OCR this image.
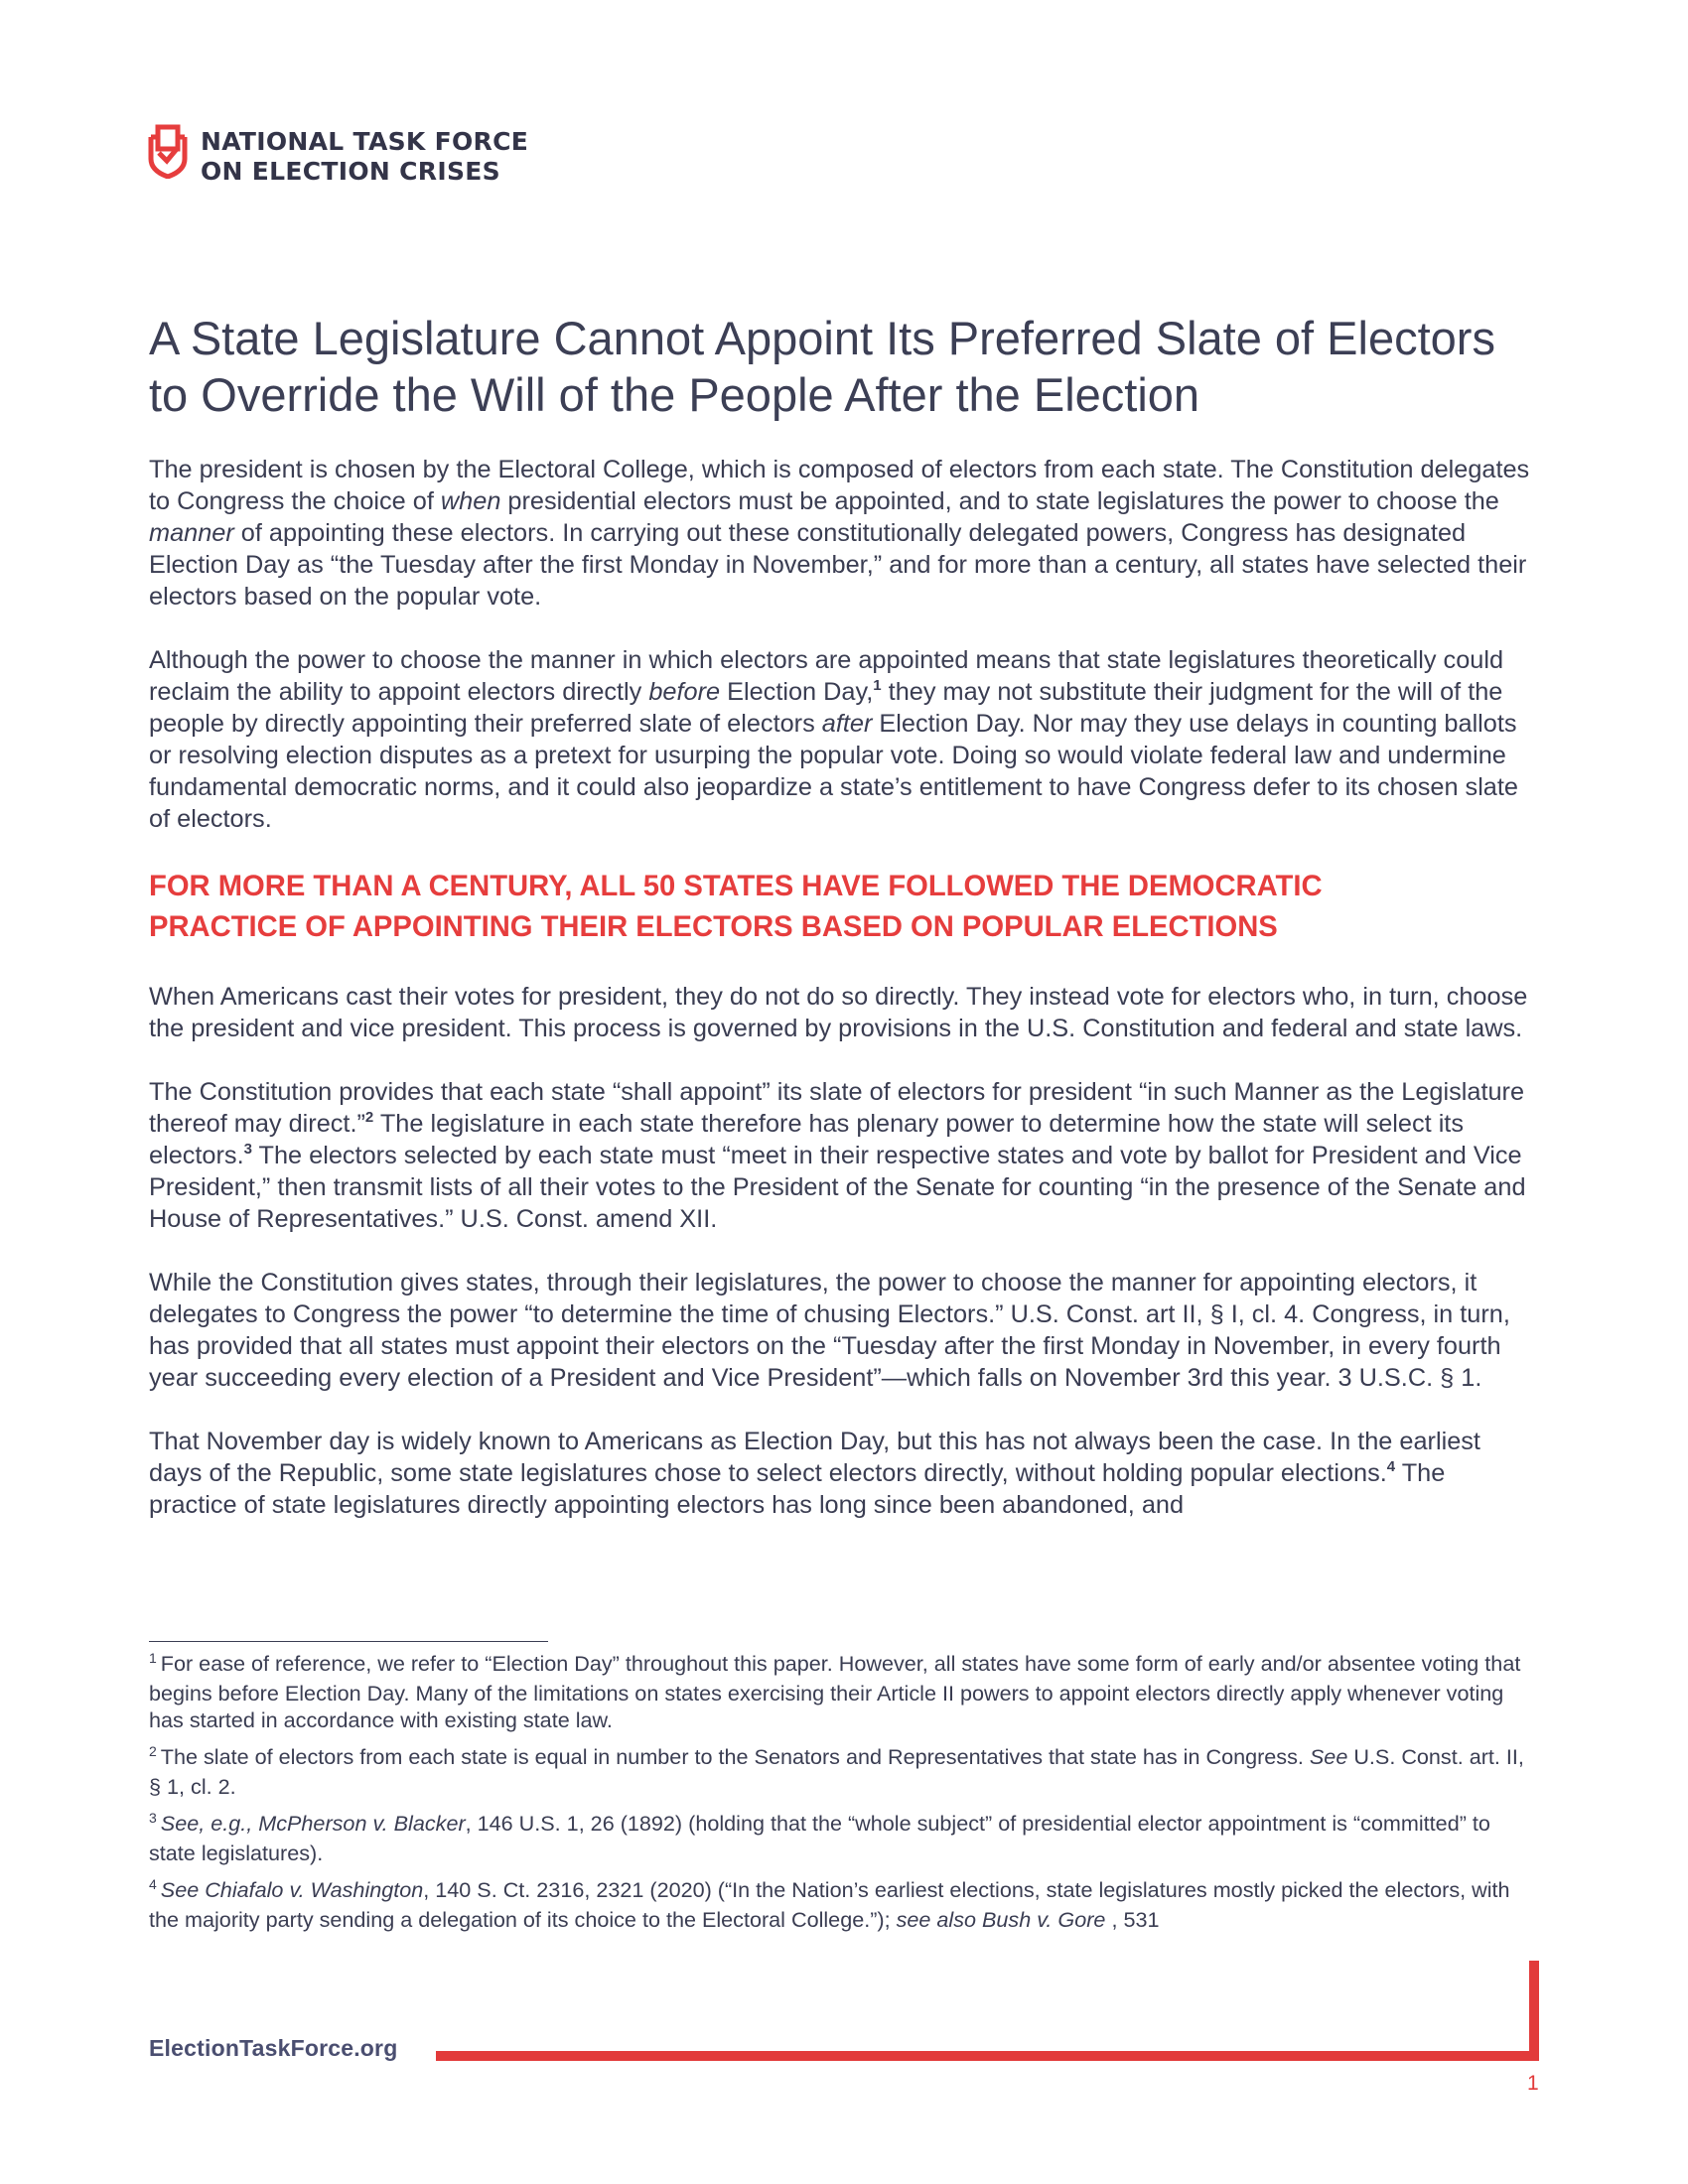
NATIONAL TASK FORCE
ON ELECTION CRISES
A State Legislature Cannot Appoint Its Preferred Slate of Electors to Override the Will of the People After the Election

The president is chosen by the Electoral College, which is composed of electors from each state. The Constitution delegates to Congress the choice of when presidential electors must be appointed, and to state legislatures the power to choose the manner of appointing these electors. In carrying out these constitutionally delegated powers, Congress has designated Election Day as “the Tuesday after the first Monday in November,” and for more than a century, all states have selected their electors based on the popular vote.

Although the power to choose the manner in which electors are appointed means that state legislatures theoretically could reclaim the ability to appoint electors directly before Election Day,$^1$ they may not substitute their judgment for the will of the people by directly appointing their preferred slate of electors after Election Day. Nor may they use delays in counting ballots or resolving election disputes as a pretext for usurping the popular vote. Doing so would violate federal law and undermine fundamental democratic norms, and it could also jeopardize a state’s entitlement to have Congress defer to its chosen slate of electors.

FOR MORE THAN A CENTURY, ALL 50 STATES HAVE FOLLOWED THE DEMOCRATIC
PRACTICE OF APPOINTING THEIR ELECTORS BASED ON POPULAR ELECTIONS

When Americans cast their votes for president, they do not do so directly. They instead vote for electors who, in turn, choose the president and vice president. This process is governed by provisions in the U.S. Constitution and federal and state laws.

The Constitution provides that each state “shall appoint” its slate of electors for president “in such Manner as the Legislature thereof may direct.”$^2$ The legislature in each state therefore has plenary power to determine how the state will select its electors.$^3$ The electors selected by each state must “meet in their respective states and vote by ballot for President and Vice President,” then transmit lists of all their votes to the President of the Senate for counting “in the presence of the Senate and House of Representatives.” U.S. Const. amend XII.

While the Constitution gives states, through their legislatures, the power to choose the manner for appointing electors, it delegates to Congress the power “to determine the time of chusing Electors.” U.S. Const. art II, § I, cl. 4. Congress, in turn, has provided that all states must appoint their electors on the “Tuesday after the first Monday in November, in every fourth year succeeding every election of a President and Vice President”—which falls on November 3rd this year. 3 U.S.C. § 1.

That November day is widely known to Americans as Election Day, but this has not always been the case. In the earliest days of the Republic, some state legislatures chose to select electors directly, without holding popular elections.$^4$ The practice of state legislatures directly appointing electors has long since been abandoned, and

$^1$ For ease of reference, we refer to “Election Day” throughout this paper. However, all states have some form of early and/or absentee voting that begins before Election Day. Many of the limitations on states exercising their Article II powers to appoint electors directly apply whenever voting has started in accordance with existing state law.
$^2$ The slate of electors from each state is equal in number to the Senators and Representatives that state has in Congress. See U.S. Const. art. II, § 1, cl. 2.
$^3$ See, e.g., McPherson v. Blacker, 146 U.S. 1, 26 (1892) (holding that the “whole subject” of presidential elector appointment is “committed” to state legislatures).
$^4$ See Chiafalo v. Washington, 140 S. Ct. 2316, 2321 (2020) (“In the Nation’s earliest elections, state legislatures mostly picked the electors, with the majority party sending a delegation of its choice to the Electoral College.”); see also Bush v. Gore , 531
ElectionTaskForce.org
1
